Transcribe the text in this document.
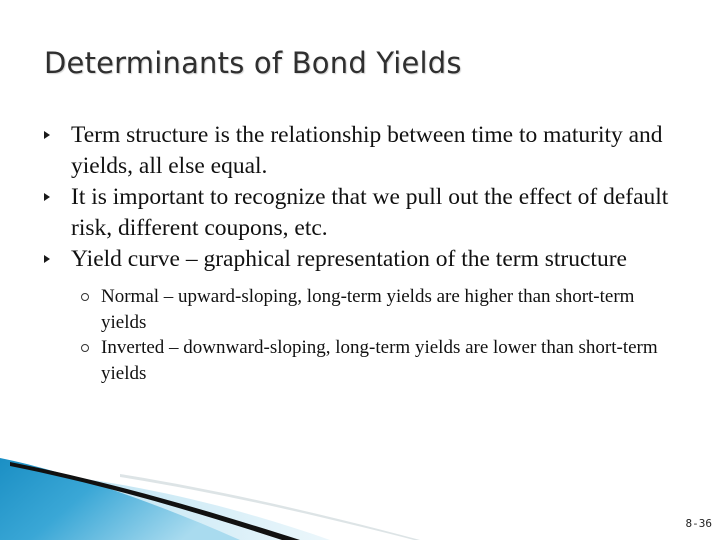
Determinants of Bond Yields
Term structure is the relationship between time to maturity and yields, all else equal.
It is important to recognize that we pull out the effect of default risk, different coupons, etc.
Yield curve – graphical representation of the term structure
Normal – upward-sloping, long-term yields are higher than short-term yields
Inverted – downward-sloping, long-term yields are lower than short-term yields
8-36
